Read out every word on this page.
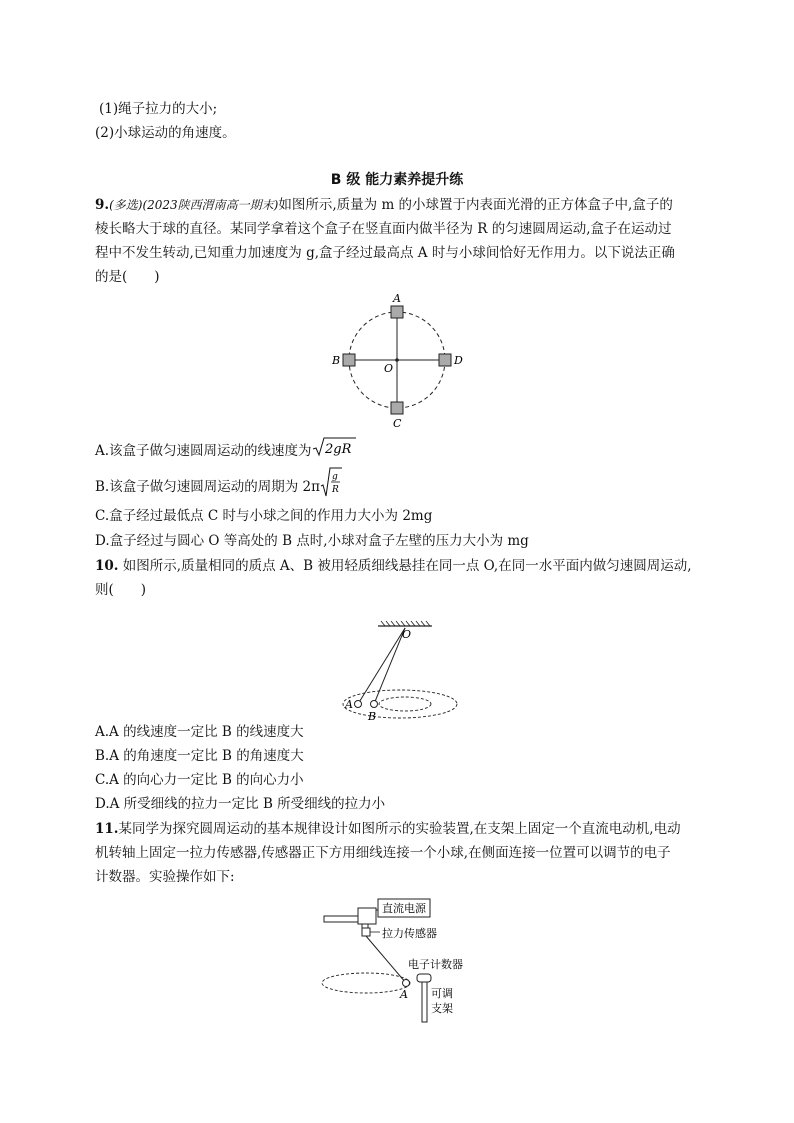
(1)绳子拉力的大小;
(2)小球运动的角速度。
B 级 能力素养提升练
9.(多选)(2023陕西渭南高一期末)如图所示,质量为 m 的小球置于内表面光滑的正方体盒子中,盒子的
棱长略大于球的直径。某同学拿着这个盒子在竖直面内做半径为 R 的匀速圆周运动,盒子在运动过
程中不发生转动,已知重力加速度为 g,盒子经过最高点 A 时与小球间恰好无作用力。以下说法正确
的是(　　)
A
B	D
C
O
A.该盒子做匀速圆周运动的线速度为 2gR
B.该盒子做匀速圆周运动的周期为 2π
g
R
C.盒子经过最低点 C 时与小球之间的作用力大小为 2mg
D.盒子经过与圆心 O 等高处的 B 点时,小球对盒子左壁的压力大小为 mg
10. 如图所示,质量相同的质点 A、B 被用轻质细线悬挂在同一点 O,在同一水平面内做匀速圆周运动,
则(　　)
O
A
B
A.A 的线速度一定比 B 的线速度大
B.A 的角速度一定比 B 的角速度大
C.A 的向心力一定比 B 的向心力小
D.A 所受细线的拉力一定比 B 所受细线的拉力小
11.某同学为探究圆周运动的基本规律设计如图所示的实验装置,在支架上固定一个直流电动机,电动
机转轴上固定一拉力传感器,传感器正下方用细线连接一个小球,在侧面连接一位置可以调节的电子
计数器。实验操作如下:
直流电源
拉力传感器
A
电子计数器
可调
支架
